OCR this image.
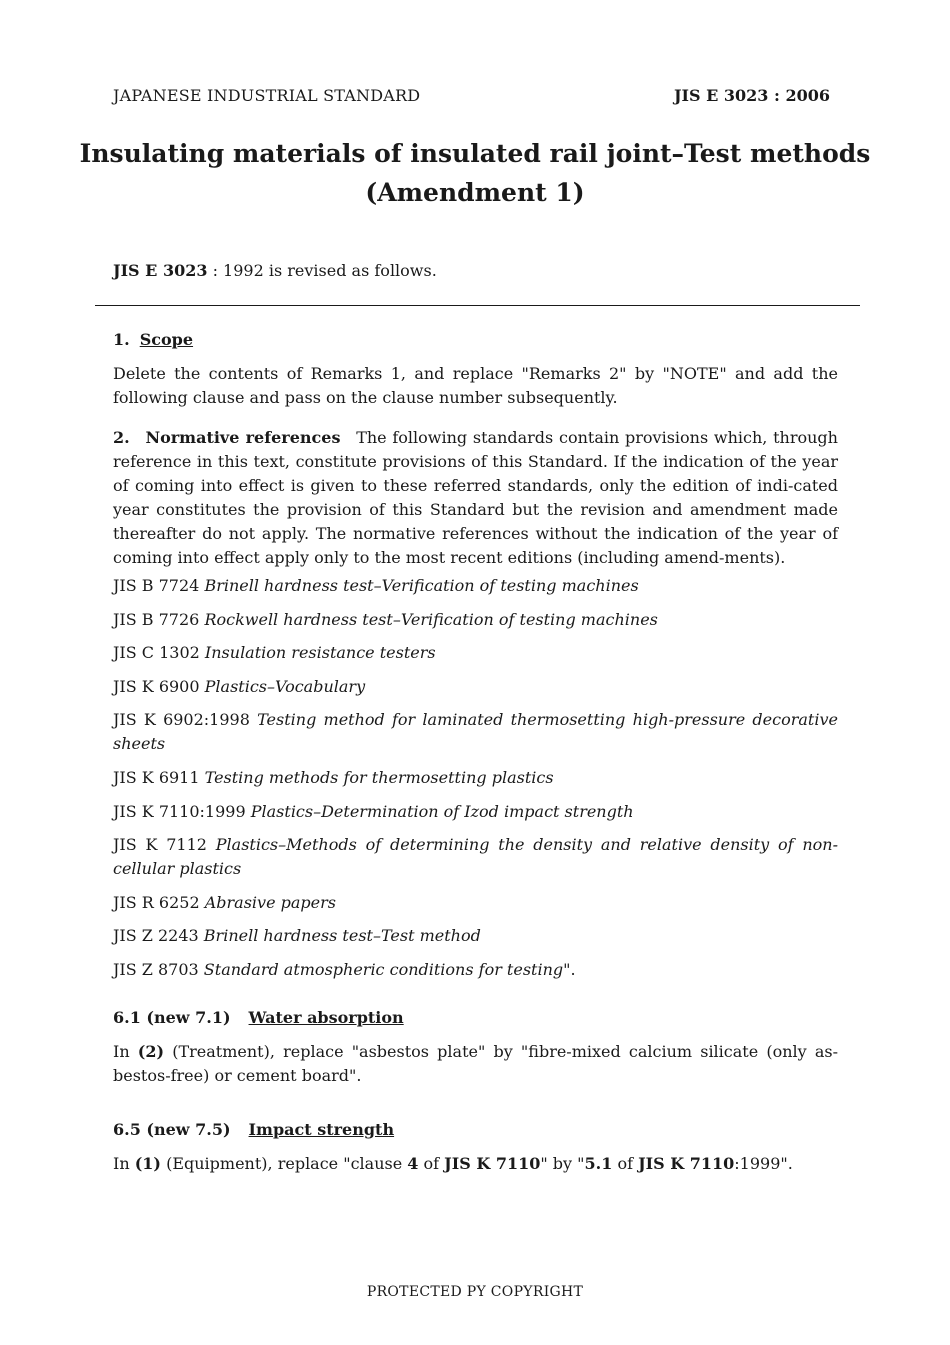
JAPANESE INDUSTRIAL STANDARD	JIS E 3023 : 2006
Insulating materials of insulated rail joint–Test methods
(Amendment 1)
JIS E 3023 : 1992 is revised as follows.
1. Scope

Delete the contents of Remarks 1, and replace "Remarks 2" by "NOTE" and add the following clause and pass on the clause number subsequently.

2. Normative references The following standards contain provisions which, through reference in this text, constitute provisions of this Standard. If the indication of the year of coming into effect is given to these referred standards, only the edition of indi-cated year constitutes the provision of this Standard but the revision and amendment made thereafter do not apply. The normative references without the indication of the year of coming into effect apply only to the most recent editions (including amend-ments).

JIS B 7724 Brinell hardness test–Verification of testing machines
JIS B 7726 Rockwell hardness test–Verification of testing machines
JIS C 1302 Insulation resistance testers
JIS K 6900 Plastics–Vocabulary
JIS K 6902:1998 Testing method for laminated thermosetting high-pressure decorative sheets
JIS K 6911 Testing methods for thermosetting plastics
JIS K 7110:1999 Plastics–Determination of Izod impact strength
JIS K 7112 Plastics–Methods of determining the density and relative density of non-cellular plastics
JIS R 6252 Abrasive papers
JIS Z 2243 Brinell hardness test–Test method
JIS Z 8703 Standard atmospheric conditions for testing".
6.1 (new 7.1) Water absorption

In (2) (Treatment), replace "asbestos plate" by "fibre-mixed calcium silicate (only as-bestos-free) or cement board".

6.5 (new 7.5) Impact strength

In (1) (Equipment), replace "clause 4 of JIS K 7110" by "5.1 of JIS K 7110:1999".

PROTECTED PY COPYRIGHT
